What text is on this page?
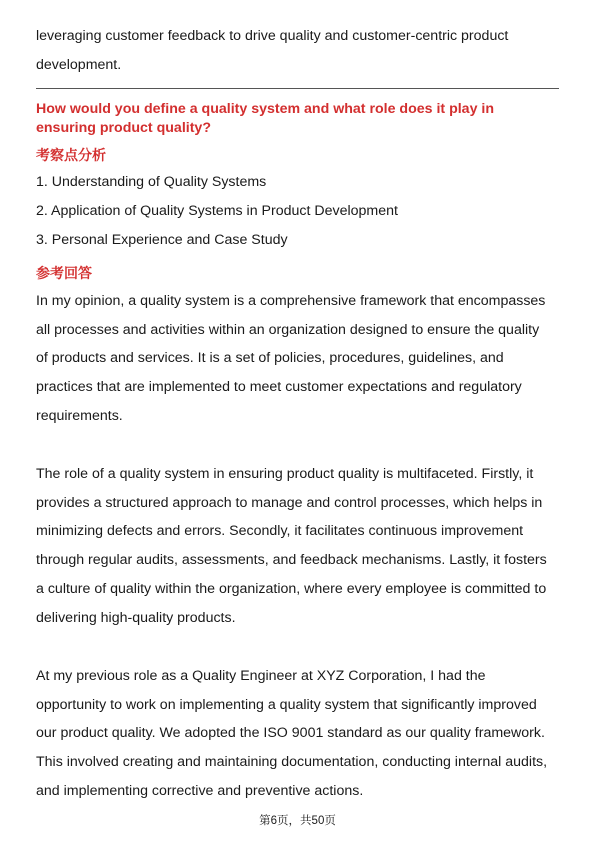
leveraging customer feedback to drive quality and customer-centric product
development.
How would you define a quality system and what role does it play in
ensuring product quality?
考察点分析
1. Understanding of Quality Systems
2. Application of Quality Systems in Product Development
3. Personal Experience and Case Study
参考回答
In my opinion, a quality system is a comprehensive framework that encompasses
all processes and activities within an organization designed to ensure the quality
of products and services. It is a set of policies, procedures, guidelines, and
practices that are implemented to meet customer expectations and regulatory
requirements.
The role of a quality system in ensuring product quality is multifaceted. Firstly, it
provides a structured approach to manage and control processes, which helps in
minimizing defects and errors. Secondly, it facilitates continuous improvement
through regular audits, assessments, and feedback mechanisms. Lastly, it fosters
a culture of quality within the organization, where every employee is committed to
delivering high-quality products.
At my previous role as a Quality Engineer at XYZ Corporation, I had the
opportunity to work on implementing a quality system that significantly improved
our product quality. We adopted the ISO 9001 standard as our quality framework.
This involved creating and maintaining documentation, conducting internal audits,
and implementing corrective and preventive actions.
第6页，共50页
